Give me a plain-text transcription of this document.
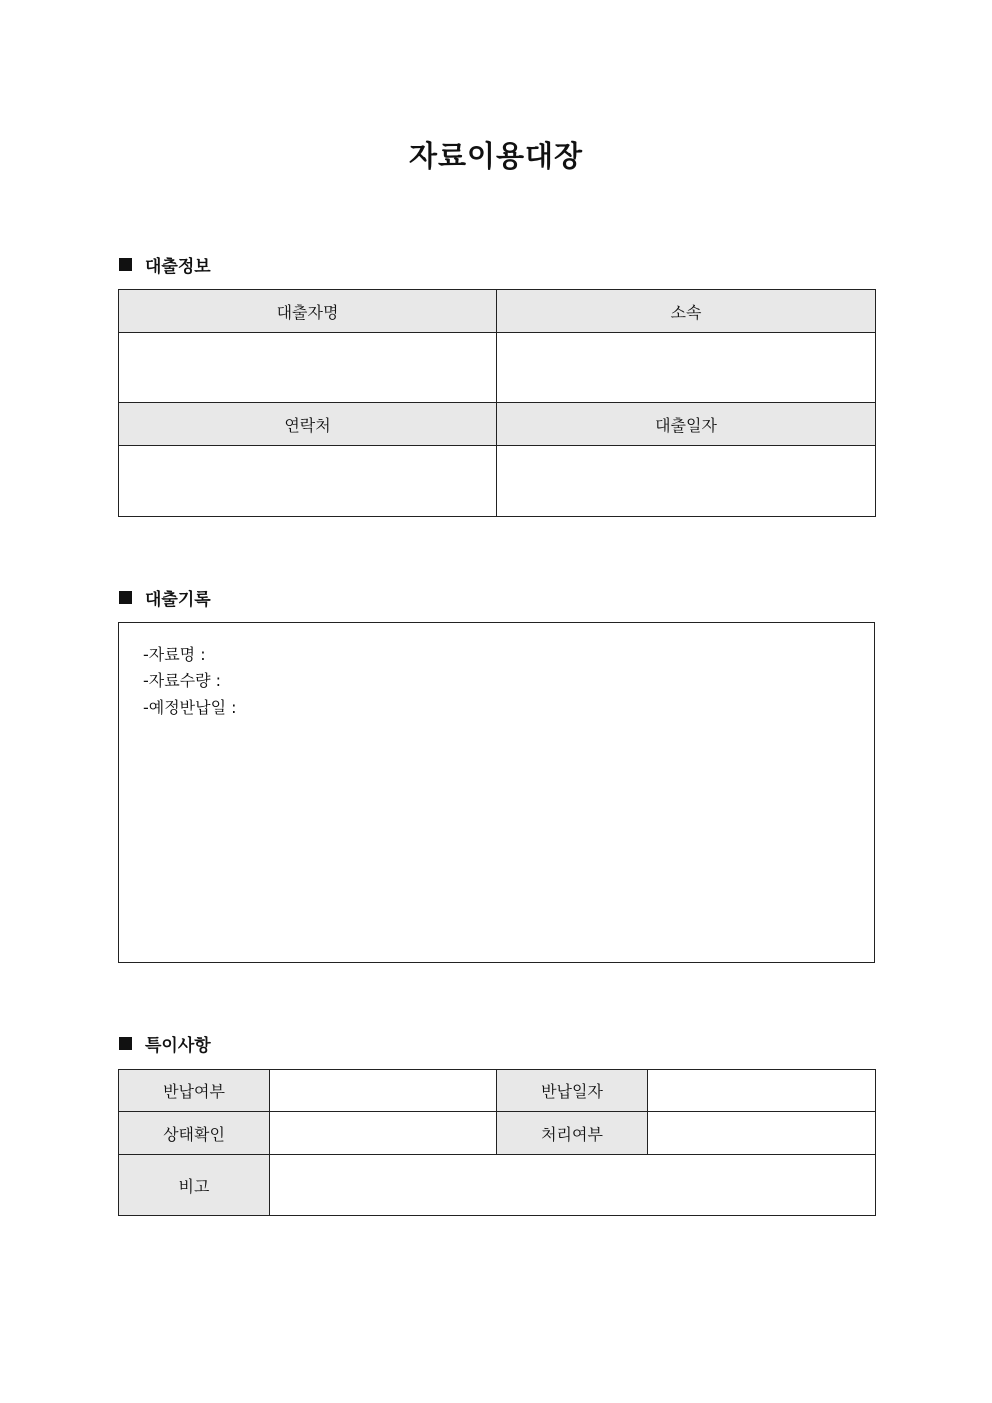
자료이용대장
대출정보
대출자명	소속

연락처	대출일자

대출기록
-자료명 :
-자료수량 :
-예정반납일 :
특이사항
반납여부		반납일자	
상태확인		처리여부	
비고			
